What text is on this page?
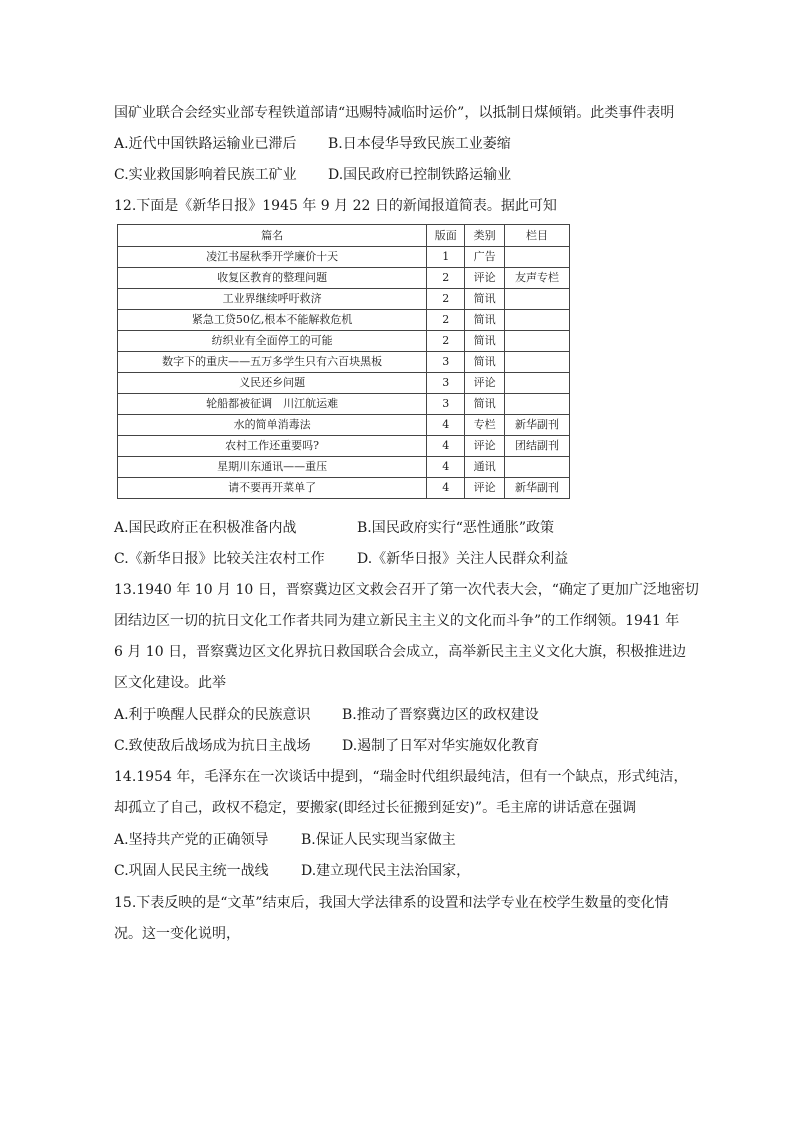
国矿业联合会经实业部专程铁道部请“迅赐特减临时运价”，以抵制日煤倾销。此类事件表明
A.近代中国铁路运输业已滞后 B.日本侵华导致民族工业萎缩
C.实业救国影响着民族工矿业 D.国民政府已控制铁路运输业
12.下面是《新华日报》1945 年 9 月 22 日的新闻报道简表。据此可知
篇名	版面	类别	栏目
凌江书屋秋季开学廉价十天	1	广告	
收复区教育的整理问题	2	评论	友声专栏
工业界继续呼吁救济	2	简讯	
紧急工贷50亿,根本不能解救危机	2	简讯	
纺织业有全面停工的可能	2	简讯	
数字下的重庆——五万多学生只有六百块黑板	3	简讯	
义民还乡问题	3	评论	
轮船都被征调　川江航运难	3	简讯	
水的简单消毒法	4	专栏	新华副刊
农村工作还重要吗?	4	评论	团结副刊
星期川东通讯——重压	4	通讯	
请不要再开菜单了	4	评论	新华副刊
A.国民政府正在积极准备内战	B.国民政府实行“恶性通胀”政策
C.《新华日报》比较关注农村工作 D.《新华日报》关注人民群众利益
13.1940 年 10 月 10 日，晋察冀边区文救会召开了第一次代表大会，“确定了更加广泛地密切
团结边区一切的抗日文化工作者共同为建立新民主主义的文化而斗争”的工作纲领。1941 年
6 月 10 日，晋察冀边区文化界抗日救国联合会成立，高举新民主主义文化大旗，积极推进边
区文化建设。此举
A.利于唤醒人民群众的民族意识 B.推动了晋察冀边区的政权建设
C.致使敌后战场成为抗日主战场 D.遏制了日军对华实施奴化教育
14.1954 年，毛泽东在一次谈话中提到，“瑞金时代组织最纯洁，但有一个缺点，形式纯洁，
却孤立了自己，政权不稳定，要搬家(即经过长征搬到延安)”。毛主席的讲话意在强调
A.坚持共产党的正确领导 B.保证人民实现当家做主
C.巩固人民民主统一战线 D.建立现代民主法治国家，
15.下表反映的是“文革”结束后，我国大学法律系的设置和法学专业在校学生数量的变化情
况。这一变化说明，
